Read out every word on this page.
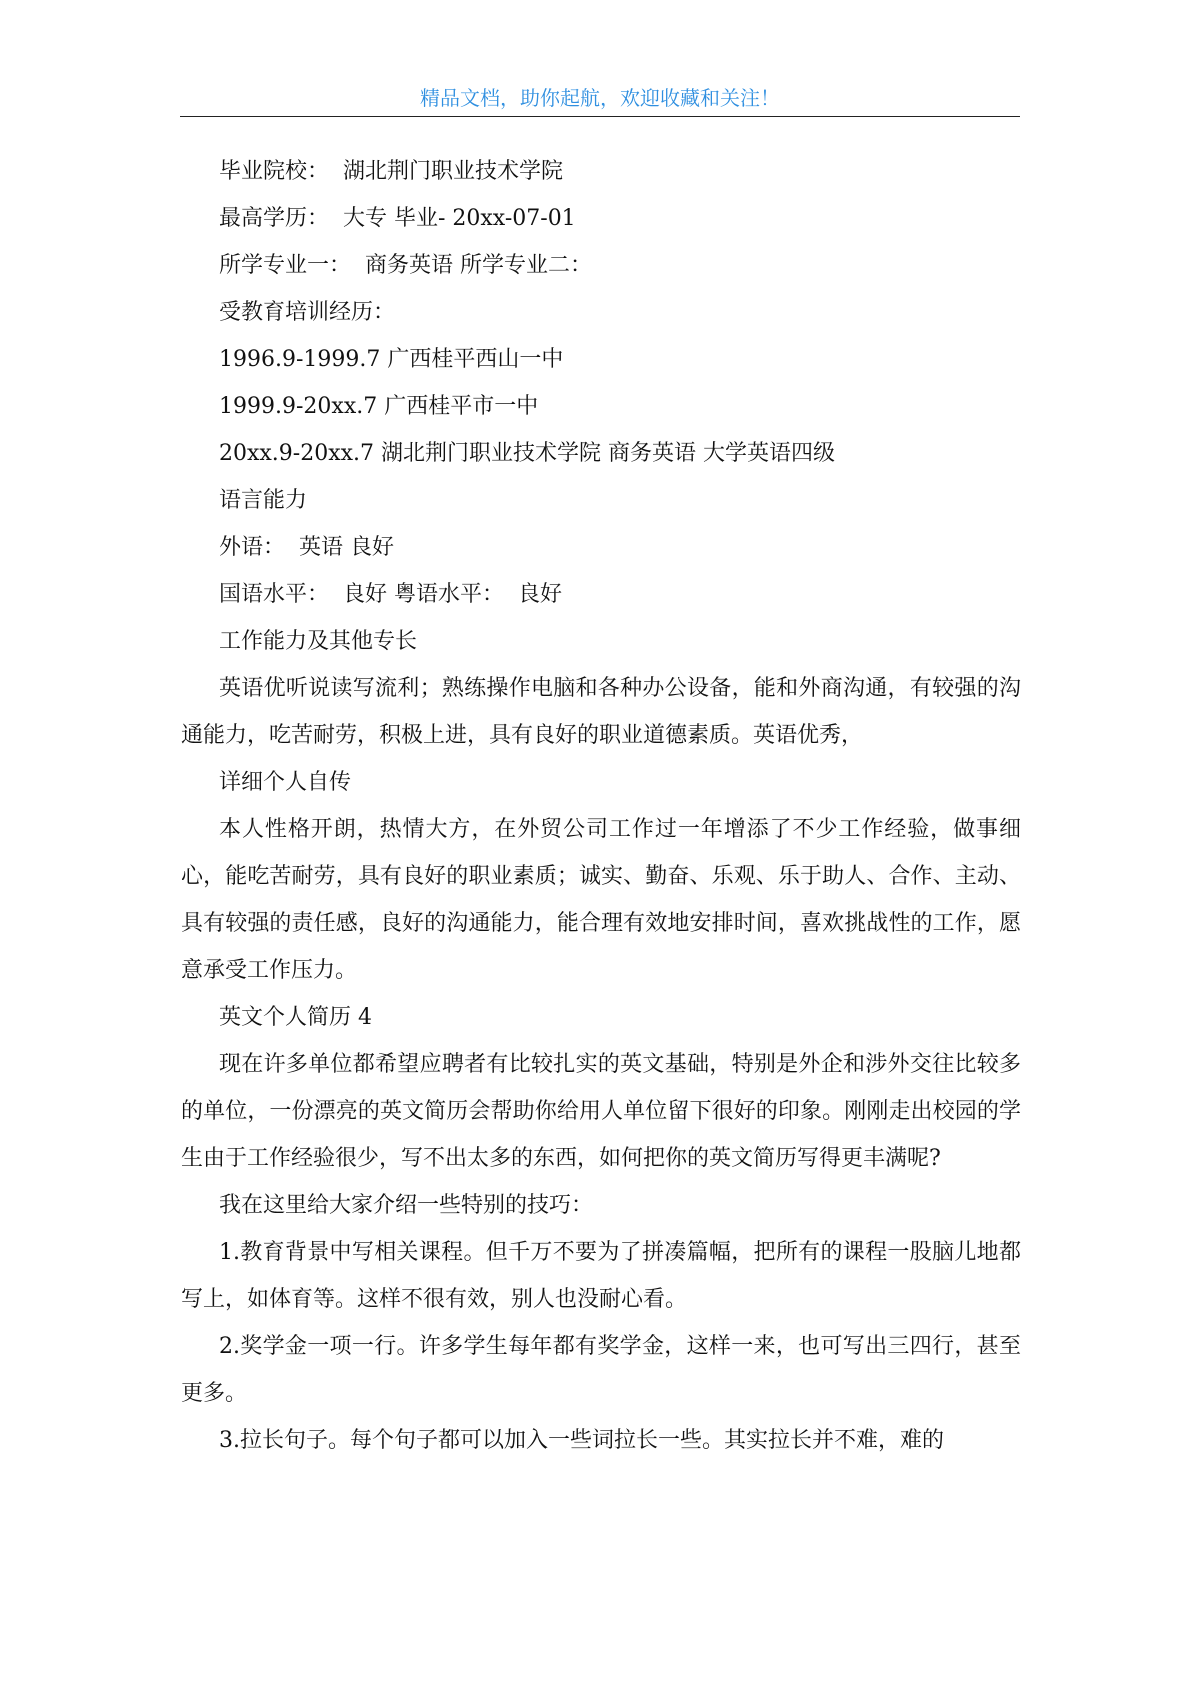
精品文档，助你起航，欢迎收藏和关注！
毕业院校：  湖北荆门职业技术学院
最高学历：  大专 毕业- 20xx-07-01
所学专业一：  商务英语 所学专业二：
受教育培训经历：
1996.9-1999.7 广西桂平西山一中
1999.9-20xx.7 广西桂平市一中
20xx.9-20xx.7 湖北荆门职业技术学院 商务英语 大学英语四级
语言能力
外语：  英语 良好
国语水平：  良好 粤语水平：  良好
工作能力及其他专长

英语优听说读写流利；熟练操作电脑和各种办公设备，能和外商沟通，有较强的沟通能力，吃苦耐劳，积极上进，具有良好的职业道德素质。英语优秀，

详细个人自传

本人性格开朗，热情大方，在外贸公司工作过一年增添了不少工作经验，做事细心，能吃苦耐劳，具有良好的职业素质；诚实、勤奋、乐观、乐于助人、合作、主动、具有较强的责任感，良好的沟通能力，能合理有效地安排时间，喜欢挑战性的工作，愿意承受工作压力。

英文个人简历 4

现在许多单位都希望应聘者有比较扎实的英文基础，特别是外企和涉外交往比较多的单位，一份漂亮的英文简历会帮助你给用人单位留下很好的印象。刚刚走出校园的学生由于工作经验很少，写不出太多的东西，如何把你的英文简历写得更丰满呢?

我在这里给大家介绍一些特别的技巧：

1.教育背景中写相关课程。但千万不要为了拼凑篇幅，把所有的课程一股脑儿地都写上，如体育等。这样不很有效，别人也没耐心看。

2.奖学金一项一行。许多学生每年都有奖学金，这样一来，也可写出三四行，甚至更多。

3.拉长句子。每个句子都可以加入一些词拉长一些。其实拉长并不难，难的
